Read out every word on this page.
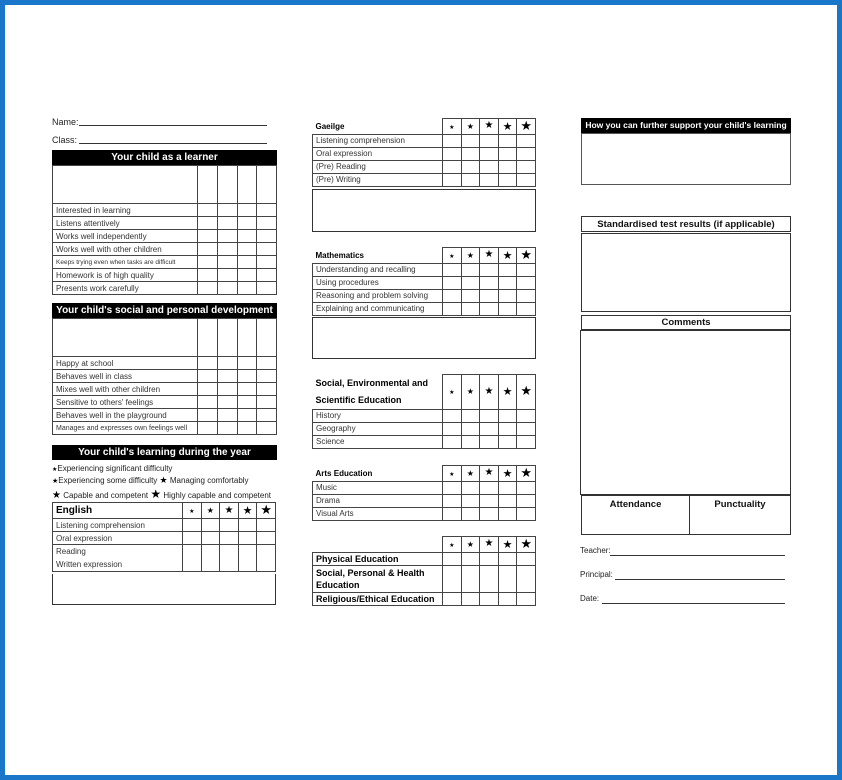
Name:
Class:
Your child as a learner

Interested in learning				
Listens attentively				
Works well independently				
Works well with other children				
Keeps trying even when tasks are difficult				
Homework is of high quality				
Presents work carefully				
Your child's social and personal development

Happy at school				
Behaves well in class				
Mixes well with other children				
Sensitive to others' feelings				
Behaves well in the playground				
Manages and expresses own feelings well				
Your child's learning during the year
★Experiencing significant difficulty
★Experiencing some difficulty ★ Managing comfortably
★ Capable and competent ★ Highly capable and competent
English	★	★	★	★	★
Listening comprehension					
Oral expression					

Reading
Written expression					

Gaeilge	★	★	★	★	★
Listening comprehension					
Oral expression					
(Pre) Reading					
(Pre) Writing					
Mathematics	★	★	★	★	★
Understanding and recalling					
Using procedures					
Reasoning and problem solving					
Explaining and communicating					
Social, Environmental and
Scientific Education	★	★	★	★	★
History					
Geography					
Science					
Arts Education	★	★	★	★	★
Music					
Drama					
Visual Arts					
	★	★	★	★	★
Physical Education					

Social, Personal & Health
Education					

Religious/Ethical Education					
How you can further support your child's learning
Standardised test results (if applicable)
Comments
Attendance	Punctuality
Teacher:
Principal:
Date:
